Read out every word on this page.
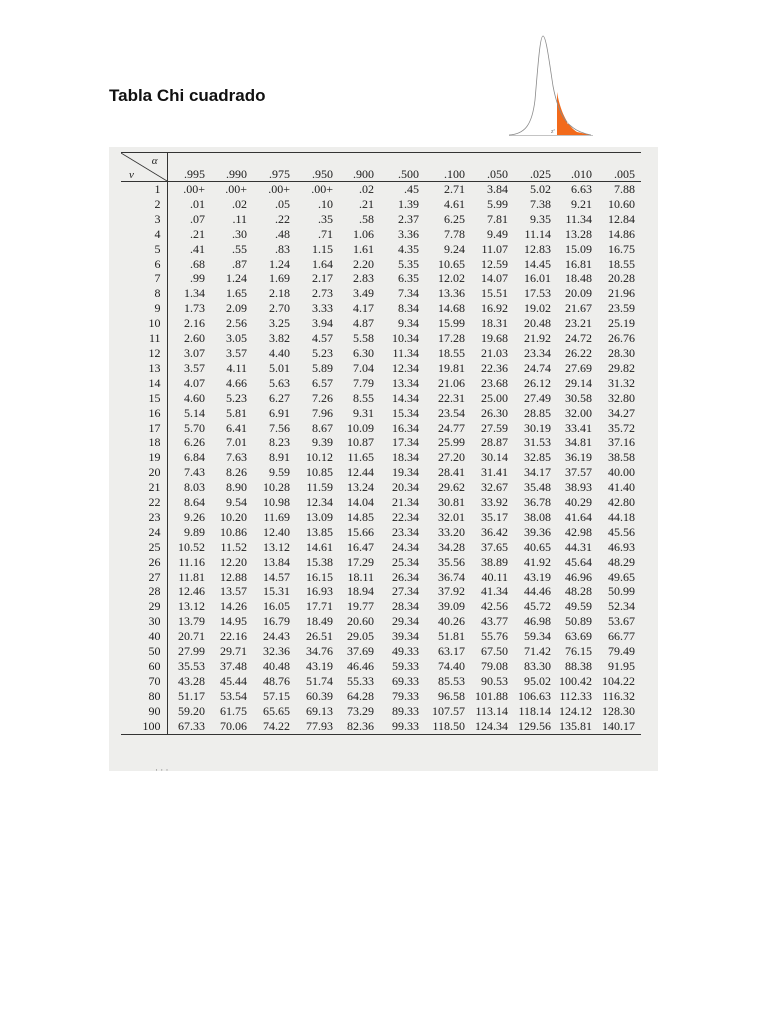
Tabla Chi cuadrado
α
χ²
α
ν	.995	.990	.975	.950	.900	.500	.100	.050	.025	.010	.005
1	.00+	.00+	.00+	.00+	.02	.45	2.71	3.84	5.02	6.63	7.88
2	.01	.02	.05	.10	.21	1.39	4.61	5.99	7.38	9.21	10.60
3	.07	.11	.22	.35	.58	2.37	6.25	7.81	9.35	11.34	12.84
4	.21	.30	.48	.71	1.06	3.36	7.78	9.49	11.14	13.28	14.86
5	.41	.55	.83	1.15	1.61	4.35	9.24	11.07	12.83	15.09	16.75
6	.68	.87	1.24	1.64	2.20	5.35	10.65	12.59	14.45	16.81	18.55
7	.99	1.24	1.69	2.17	2.83	6.35	12.02	14.07	16.01	18.48	20.28
8	1.34	1.65	2.18	2.73	3.49	7.34	13.36	15.51	17.53	20.09	21.96
9	1.73	2.09	2.70	3.33	4.17	8.34	14.68	16.92	19.02	21.67	23.59
10	2.16	2.56	3.25	3.94	4.87	9.34	15.99	18.31	20.48	23.21	25.19
11	2.60	3.05	3.82	4.57	5.58	10.34	17.28	19.68	21.92	24.72	26.76
12	3.07	3.57	4.40	5.23	6.30	11.34	18.55	21.03	23.34	26.22	28.30
13	3.57	4.11	5.01	5.89	7.04	12.34	19.81	22.36	24.74	27.69	29.82
14	4.07	4.66	5.63	6.57	7.79	13.34	21.06	23.68	26.12	29.14	31.32
15	4.60	5.23	6.27	7.26	8.55	14.34	22.31	25.00	27.49	30.58	32.80
16	5.14	5.81	6.91	7.96	9.31	15.34	23.54	26.30	28.85	32.00	34.27
17	5.70	6.41	7.56	8.67	10.09	16.34	24.77	27.59	30.19	33.41	35.72
18	6.26	7.01	8.23	9.39	10.87	17.34	25.99	28.87	31.53	34.81	37.16
19	6.84	7.63	8.91	10.12	11.65	18.34	27.20	30.14	32.85	36.19	38.58
20	7.43	8.26	9.59	10.85	12.44	19.34	28.41	31.41	34.17	37.57	40.00
21	8.03	8.90	10.28	11.59	13.24	20.34	29.62	32.67	35.48	38.93	41.40
22	8.64	9.54	10.98	12.34	14.04	21.34	30.81	33.92	36.78	40.29	42.80
23	9.26	10.20	11.69	13.09	14.85	22.34	32.01	35.17	38.08	41.64	44.18
24	9.89	10.86	12.40	13.85	15.66	23.34	33.20	36.42	39.36	42.98	45.56
25	10.52	11.52	13.12	14.61	16.47	24.34	34.28	37.65	40.65	44.31	46.93
26	11.16	12.20	13.84	15.38	17.29	25.34	35.56	38.89	41.92	45.64	48.29
27	11.81	12.88	14.57	16.15	18.11	26.34	36.74	40.11	43.19	46.96	49.65
28	12.46	13.57	15.31	16.93	18.94	27.34	37.92	41.34	44.46	48.28	50.99
29	13.12	14.26	16.05	17.71	19.77	28.34	39.09	42.56	45.72	49.59	52.34
30	13.79	14.95	16.79	18.49	20.60	29.34	40.26	43.77	46.98	50.89	53.67
40	20.71	22.16	24.43	26.51	29.05	39.34	51.81	55.76	59.34	63.69	66.77
50	27.99	29.71	32.36	34.76	37.69	49.33	63.17	67.50	71.42	76.15	79.49
60	35.53	37.48	40.48	43.19	46.46	59.33	74.40	79.08	83.30	88.38	91.95
70	43.28	45.44	48.76	51.74	55.33	69.33	85.53	90.53	95.02	100.42	104.22
80	51.17	53.54	57.15	60.39	64.28	79.33	96.58	101.88	106.63	112.33	116.32
90	59.20	61.75	65.65	69.13	73.29	89.33	107.57	113.14	118.14	124.12	128.30
100	67.33	70.06	74.22	77.93	82.36	99.33	118.50	124.34	129.56	135.81	140.17
· · ·
